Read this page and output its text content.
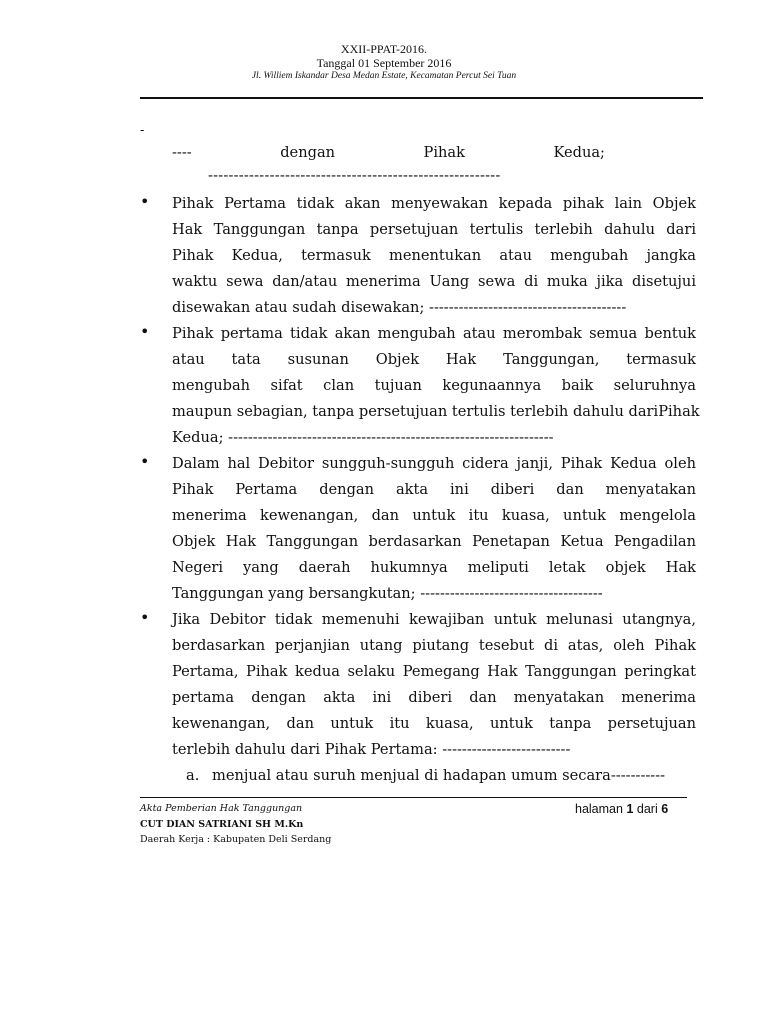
XXII-PPAT-2016.
Tanggal 01 September 2016
Jl. Williem Iskandar Desa Medan Estate, Kecamatan Percut Sei Tuan
-
----	dengan	Pihak	Kedua;
---------------------------------------------------------
• Pihak Pertama tidak akan menyewakan kepada pihak lain Objek
Hak Tanggungan tanpa persetujuan tertulis terlebih dahulu dari
Pihak Kedua, termasuk menentukan atau mengubah jangka
waktu sewa dan/atau menerima Uang sewa di muka jika disetujui
disewakan atau sudah disewakan; ----------------------------------------
• Pihak pertama tidak akan mengubah atau merombak semua bentuk
atau tata susunan Objek Hak Tanggungan, termasuk
mengubah sifat clan tujuan kegunaannya baik seluruhnya
maupun sebagian, tanpa persetujuan tertulis terlebih dahulu dariPihak
Kedua; ------------------------------------------------------------------
• Dalam hal Debitor sungguh-sungguh cidera janji, Pihak Kedua oleh
Pihak Pertama dengan akta ini diberi dan menyatakan
menerima kewenangan, dan untuk itu kuasa, untuk mengelola
Objek Hak Tanggungan berdasarkan Penetapan Ketua Pengadilan
Negeri yang daerah hukumnya meliputi letak objek Hak
Tanggungan yang bersangkutan; -------------------------------------
• Jika Debitor tidak memenuhi kewajiban untuk melunasi utangnya,
berdasarkan perjanjian utang piutang tesebut di atas, oleh Pihak
Pertama, Pihak kedua selaku Pemegang Hak Tanggungan peringkat
pertama dengan akta ini diberi dan menyatakan menerima
kewenangan, dan untuk itu kuasa, untuk tanpa persetujuan
terlebih dahulu dari Pihak Pertama: --------------------------
a. menjual atau suruh menjual di hadapan umum secara-----------
Akta Pemberian Hak Tanggungan
CUT DIAN SATRIANI SH M.Kn
Daerah Kerja : Kabupaten Deli Serdang
halaman 1 dari 6
